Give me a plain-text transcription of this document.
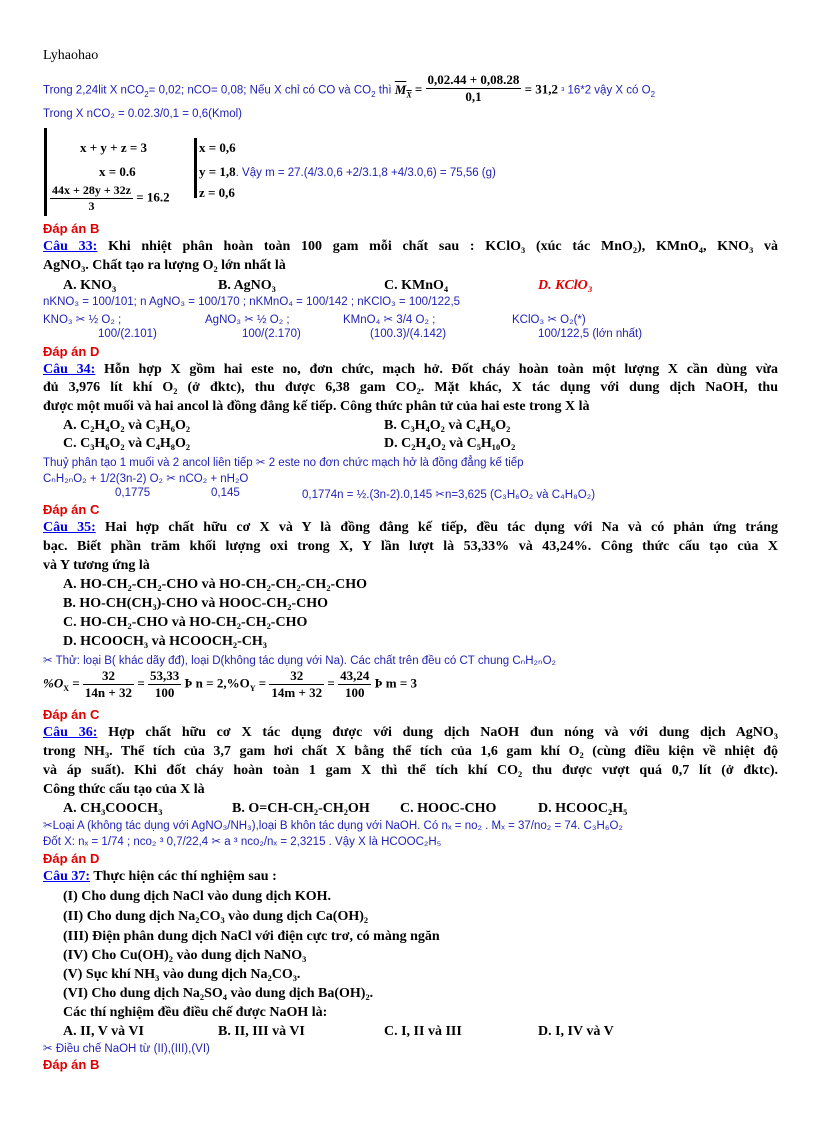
Lyhaohao
Trong 2,24lit X nCO$_2$= 0,02; nCO= 0,08; Nếu X chỉ có CO và $CO_2$ thì $M_X = \frac{0,02.44 + 0,08.28}{0,1} = 31,2$ ³ 16*2 vậy X có $O_2$
Trong X nCO₂ = 0.02.3/0,1 = 0,6(Kmol)
x + y + z = 3
x = 0.6
$\frac{44x + 28y + 32z}{3} = 16.2$
x = 0,6
y = 1,8. Vậy m = 27.(4/3.0,6 +2/3.1,8 +4/3.0,6) = 75,56 (g)
z = 0,6
Đáp án B
Câu 33: Khi nhiệt phân hoàn toàn 100 gam mỗi chất sau : KClO₃ (xúc tác MnO₂), KMnO₄, KNO₃ và
AgNO₃. Chất tạo ra lượng O₂ lớn nhất là
A. KNO₃	B. AgNO₃	C. KMnO₄	D. KClO₃
nKNO₃ = 100/101; n AgNO₃ = 100/170 ; nKMnO₄ = 100/142 ; nKClO₃ = 100/122,5
KNO₃ ✂ ½ O₂ ;	AgNO₃ ✂ ½ O₂ ;	KMnO₄ ✂ 3/4 O₂ ;	KClO₃ ✂ O₂(*)
100/(2.101)	100/(2.170)	(100.3)/(4.142)	100/122,5 (lớn nhất)
Đáp án D
Câu 34: Hỗn hợp X gồm hai este no, đơn chức, mạch hở. Đốt cháy hoàn toàn một lượng X cần dùng vừa
đủ 3,976 lít khí O₂ (ở đktc), thu được 6,38 gam CO₂. Mặt khác, X tác dụng với dung dịch NaOH, thu
được một muối và hai ancol là đồng đẳng kế tiếp. Công thức phân tử của hai este trong X là
A. C₂H₄O₂ và C₃H₆O₂	B. C₃H₄O₂ và C₄H₆O₂
C. C₃H₆O₂ và C₄H₈O₂	D. C₂H₄O₂ và C₅H₁₀O₂
Thuỷ phân tạo 1 muối và 2 ancol liên tiếp ✂ 2 este no đơn chức mạch hở là đồng đẳng kế tiếp
CₙH₂ₙO₂ + 1/2(3n-2) O₂ ✂ nCO₂ + nH₂O
0,1775	0,145	0,1774n = ½.(3n-2).0,145 ✂n=3,625 (C₃H₆O₂ và C₄H₈O₂)
Đáp án C
Câu 35: Hai hợp chất hữu cơ X và Y là đồng đẳng kế tiếp, đều tác dụng với Na và có phản ứng tráng
bạc. Biết phần trăm khối lượng oxi trong X, Y lần lượt là 53,33% và 43,24%. Công thức cấu tạo của X
và Y tương ứng là
A. HO-CH₂-CH₂-CHO và HO-CH₂-CH₂-CH₂-CHO
B. HO-CH(CH₃)-CHO và HOOC-CH₂-CHO
C. HO-CH₂-CHO và HO-CH₂-CH₂-CHO
D. HCOOCH₃ và HCOOCH₂-CH₃
✂ Thử: loại B( khác dãy đđ), loại D(không tác dụng với Na). Các chất trên đều có CT chung CₙH₂ₙO₂
$\%O_X = \frac{32}{14n + 32} = \frac{53,33}{100}$ Þ $n = 2,\%O_Y = \frac{32}{14m + 32} = \frac{43,24}{100}$ Þ m = 3
Đáp án C
Câu 36: Hợp chất hữu cơ X tác dụng được với dung dịch NaOH đun nóng và với dung dịch AgNO₃
trong NH₃. Thể tích của 3,7 gam hơi chất X bằng thể tích của 1,6 gam khí O₂ (cùng điều kiện về nhiệt độ
và áp suất). Khi đốt cháy hoàn toàn 1 gam X thì thể tích khí CO₂ thu được vượt quá 0,7 lít (ở đktc).
Công thức cấu tạo của X là
A. CH₃COOCH₃	B. O=CH-CH₂-CH₂OH C. HOOC-CHO	D. HCOOC₂H₅
✂Loại A (không tác dụng với AgNO₃/NH₃),loại B khôn tác dụng với NaOH. Có nₓ = no₂ . Mₓ = 37/no₂ = 74. C₃H₆O₂
Đốt X: nₓ = 1/74 ; nco₂ ³ 0,7/22,4 ✂ a ³ nco₂/nₓ = 2,3215 . Vậy X là HCOOC₂H₅
Đáp án D
Câu 37: Thực hiện các thí nghiệm sau :
(I) Cho dung dịch NaCl vào dung dịch KOH.
(II) Cho dung dịch Na₂CO₃ vào dung dịch Ca(OH)₂
(III) Điện phân dung dịch NaCl với điện cực trơ, có màng ngăn
(IV) Cho Cu(OH)₂ vào dung dịch NaNO₃
(V) Sục khí NH₃ vào dung dịch Na₂CO₃.
(VI) Cho dung dịch Na₂SO₄ vào dung dịch Ba(OH)₂.
Các thí nghiệm đều điều chế được NaOH là:
A. II, V và VI	B. II, III và VI	C. I, II và III	D. I, IV và V
✂ Điều chế NaOH từ (II),(III),(VI)
Đáp án B
